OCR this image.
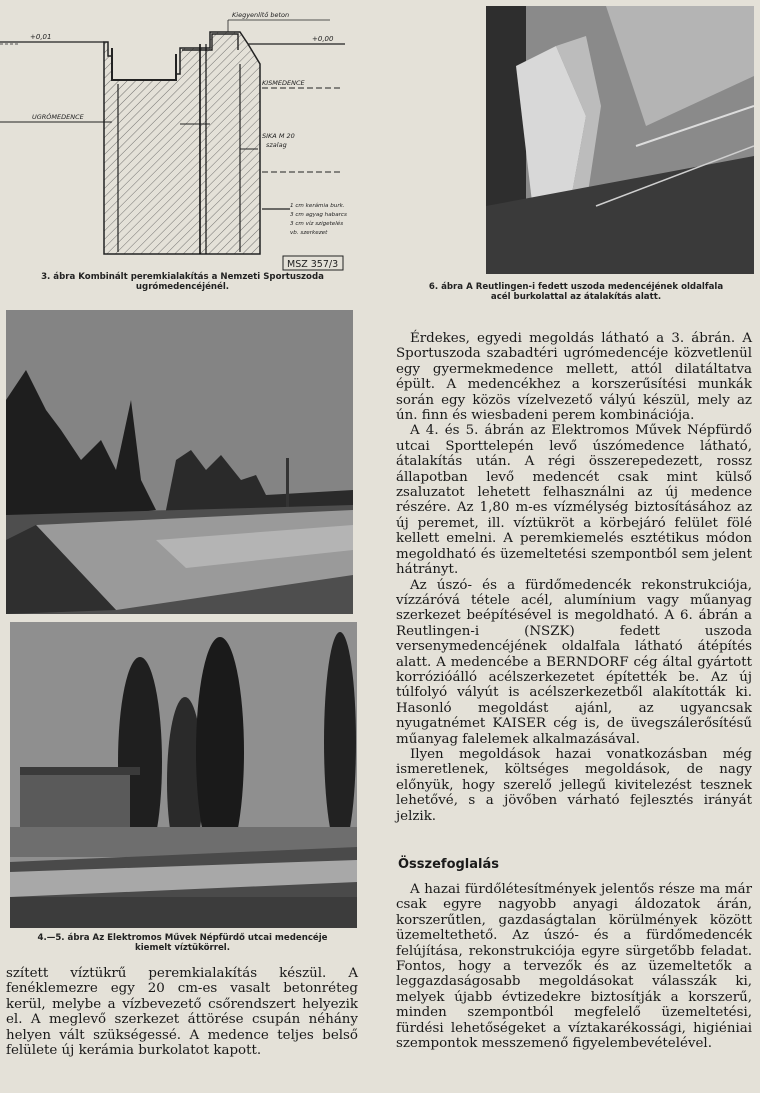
Kiegyenlítő beton
+0,01	+0,00
UGRÓMEDENCE
KISMEDENCE
SIKA M 20
szalag
1 cm kerámia burk.
3 cm agyag habarcs
3 cm víz szigetelés
vb. szerkezet
MSZ 357/3
3. ábra Kombinált peremkialakítás a Nemzeti Sportuszoda
ugrómedencéjénél.	6. ábra A Reutlingen-i fedett uszoda medencéjének oldalfala
acél burkolattal az átalakítás alatt.
4.—5. ábra Az Elektromos Művek Népfürdő utcai medencéje
kiemelt víztükörrel.

Érdekes, egyedi megoldás látható a 3. ábrán. A Sportuszoda szabadtéri ugrómedencéje közvetlenül egy gyermekmedence mellett, attól dilatáltatva épült. A medencékhez a korszerűsítési munkák során egy közös vízelvezető vályú készül, mely az ún. finn és wiesbadeni perem kombinációja.

A 4. és 5. ábrán az Elektromos Művek Népfürdő utcai Sporttelepén levő úszómedence látható, átalakítás után. A régi összerepedezett, rossz állapotban levő medencét csak mint külső zsaluzatot lehetett felhasználni az új medence részére. Az 1,80 m-es vízmélység biztosításához az új peremet, ill. víztükröt a körbejáró felület fölé kellett emelni. A peremkiemelés esztétikus módon megoldható és üzemeltetési szempontból sem jelent hátrányt.

Az úszó- és a fürdőmedencék rekonstrukciója, vízzáróvá tétele acél, alumínium vagy műanyag szerkezet beépítésével is megoldható. A 6. ábrán a Reutlingen-i (NSZK) fedett uszoda versenymedencéjének oldalfala látható átépítés alatt. A medencébe a BERNDORF cég által gyártott korrózióálló acélszerkezetet építették be. Az új túlfolyó vályút is acélszerkezetből alakították ki. Hasonló megoldást ajánl, az ugyancsak nyugatnémet KAISER cég is, de üvegszálerősítésű műanyag falelemek alkalmazásával.

Ilyen megoldások hazai vonatkozásban még ismeretlenek, költséges megoldások, de nagy előnyük, hogy szerelő jellegű kivitelezést tesznek lehetővé, s a jövőben várható fejlesztés irányát jelzik.

Összefoglalás

A hazai fürdőlétesítmények jelentős része ma már csak egyre nagyobb anyagi áldozatok árán, korszerűtlen, gazdaságtalan körülmények között üzemeltethető. Az úszó- és a fürdőmedencék felújítása, rekonstrukciója egyre sürgetőbb feladat. Fontos, hogy a tervezők és az üzemeltetők a leggazdaságosabb megoldásokat válasszák ki, melyek újabb évtizedekre biztosítják a korszerű, minden szempontból megfelelő üzemeltetési, fürdési lehetőségeket a víztakarékossági, higiéniai szempontok messzemenő figyelembevételével.

szített víztükrű peremkialakítás készül. A fenéklemezre egy 20 cm-es vasalt betonréteg kerül, melybe a vízbevezető csőrendszert helyezik el. A meglevő szerkezet áttörése csupán néhány helyen vált szükségessé. A medence teljes belső felülete új kerámia burkolatot kapott.
